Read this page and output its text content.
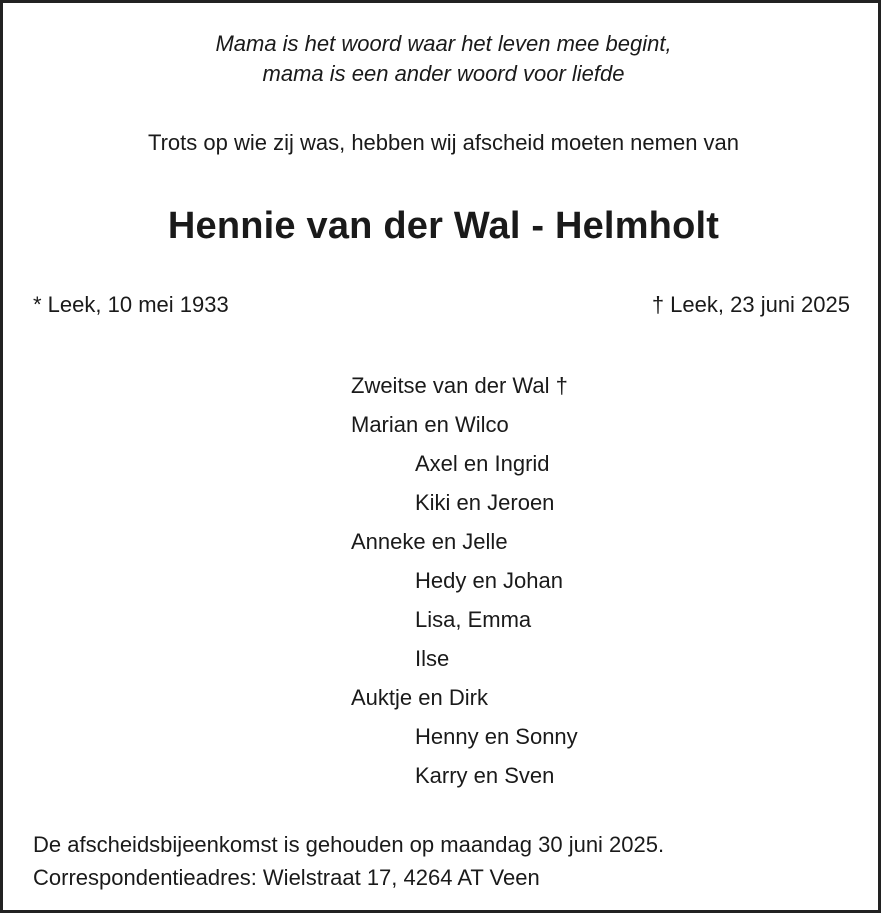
Mama is het woord waar het leven mee begint,
mama is een ander woord voor liefde
Trots op wie zij was, hebben wij afscheid moeten nemen van
Hennie van der Wal - Helmholt
* Leek, 10 mei 1933	† Leek, 23 juni 2025
Zweitse van der Wal †
Marian en Wilco
Axel en Ingrid
Kiki en Jeroen
Anneke en Jelle
Hedy en Johan
Lisa, Emma
Ilse
Auktje en Dirk
Henny en Sonny
Karry en Sven
De afscheidsbijeenkomst is gehouden op maandag 30 juni 2025.
Correspondentieadres: Wielstraat 17, 4264 AT Veen
